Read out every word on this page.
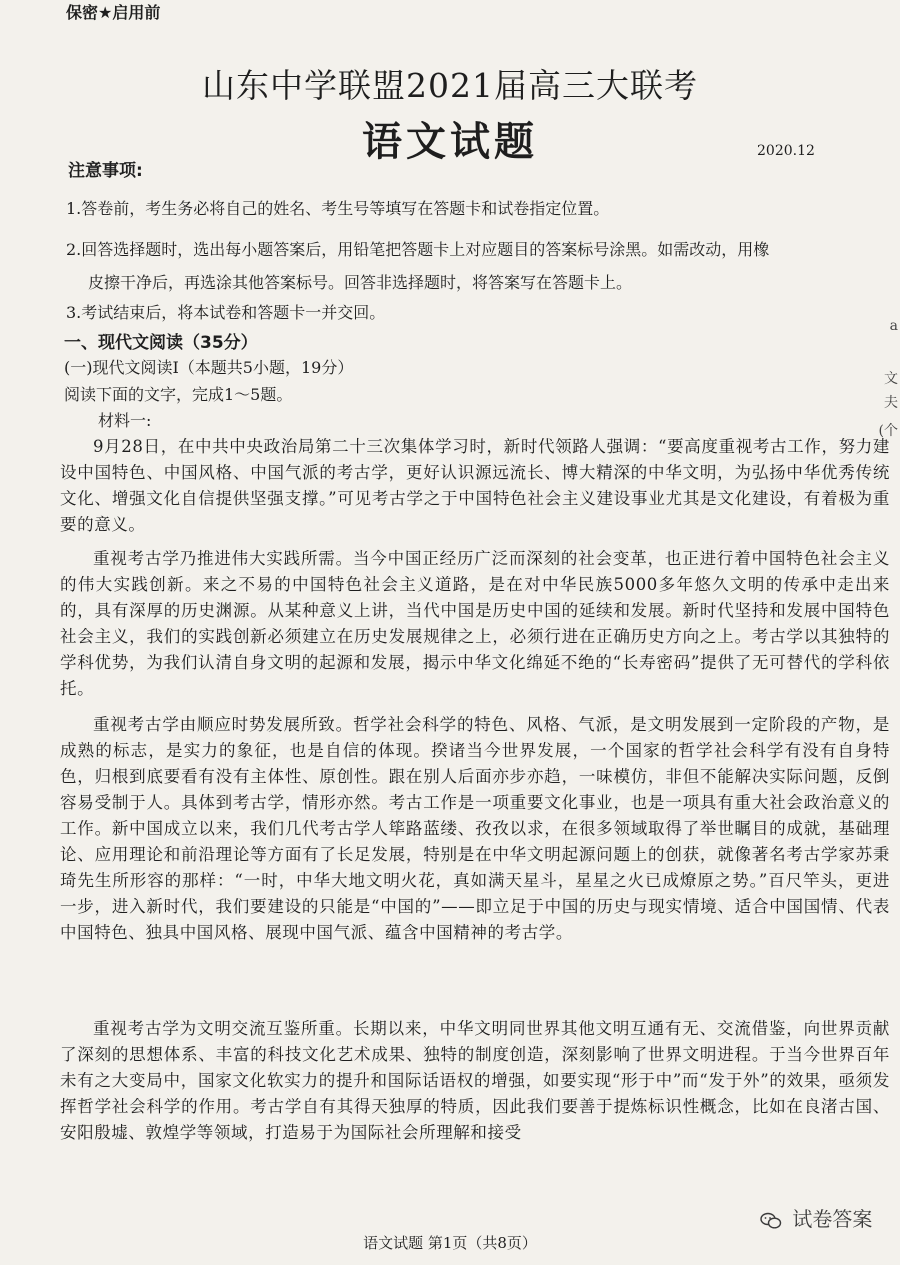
保密★启用前
山东中学联盟2021届高三大联考
语文试题	2020.12
注意事项:
1.答卷前，考生务必将自己的姓名、考生号等填写在答题卡和试卷指定位置。
2.回答选择题时，选出每小题答案后，用铅笔把答题卡上对应题目的答案标号涂黑。如需改动，用橡
皮擦干净后，再选涂其他答案标号。回答非选择题时，将答案写在答题卡上。
3.考试结束后，将本试卷和答题卡一并交回。
一、现代文阅读（35分）
(一)现代文阅读Ⅰ（本题共5小题，19分）
阅读下面的文字，完成1～5题。
材料一:
9月28日，在中共中央政治局第二十三次集体学习时，新时代领路人强调：“要高度重视考古工作，努力建设中国特色、中国风格、中国气派的考古学，更好认识源远流长、博大精深的中华文明，为弘扬中华优秀传统文化、增强文化自信提供坚强支撑。”可见考古学之于中国特色社会主义建设事业尤其是文化建设，有着极为重要的意义。
重视考古学乃推进伟大实践所需。当今中国正经历广泛而深刻的社会变革，也正进行着中国特色社会主义的伟大实践创新。来之不易的中国特色社会主义道路，是在对中华民族5000多年悠久文明的传承中走出来的，具有深厚的历史渊源。从某种意义上讲，当代中国是历史中国的延续和发展。新时代坚持和发展中国特色社会主义，我们的实践创新必须建立在历史发展规律之上，必须行进在正确历史方向之上。考古学以其独特的学科优势，为我们认清自身文明的起源和发展，揭示中华文化绵延不绝的“长寿密码”提供了无可替代的学科依托。
重视考古学由顺应时势发展所致。哲学社会科学的特色、风格、气派，是文明发展到一定阶段的产物，是成熟的标志，是实力的象征，也是自信的体现。揆诸当今世界发展，一个国家的哲学社会科学有没有自身特色，归根到底要看有没有主体性、原创性。跟在别人后面亦步亦趋，一味模仿，非但不能解决实际问题，反倒容易受制于人。具体到考古学，情形亦然。考古工作是一项重要文化事业，也是一项具有重大社会政治意义的工作。新中国成立以来，我们几代考古学人筚路蓝缕、孜孜以求，在很多领域取得了举世瞩目的成就，基础理论、应用理论和前沿理论等方面有了长足发展，特别是在中华文明起源问题上的创获，就像著名考古学家苏秉琦先生所形容的那样：“一时，中华大地文明火花，真如满天星斗，星星之火已成燎原之势。”百尺竿头，更进一步，进入新时代，我们要建设的只能是“中国的”——即立足于中国的历史与现实情境、适合中国国情、代表中国特色、独具中国风格、展现中国气派、蕴含中国精神的考古学。
重视考古学为文明交流互鉴所重。长期以来，中华文明同世界其他文明互通有无、交流借鉴，向世界贡献了深刻的思想体系、丰富的科技文化艺术成果、独特的制度创造，深刻影响了世界文明进程。于当今世界百年未有之大变局中，国家文化软实力的提升和国际话语权的增强，如要实现“形于中”而“发于外”的效果，亟须发挥哲学社会科学的作用。考古学自有其得天独厚的特质，因此我们要善于提炼标识性概念，比如在良渚古国、安阳殷墟、敦煌学等领域，打造易于为国际社会所理解和接受
a
文
夫
(个
试卷答案
语文试题 第1页（共8页）
